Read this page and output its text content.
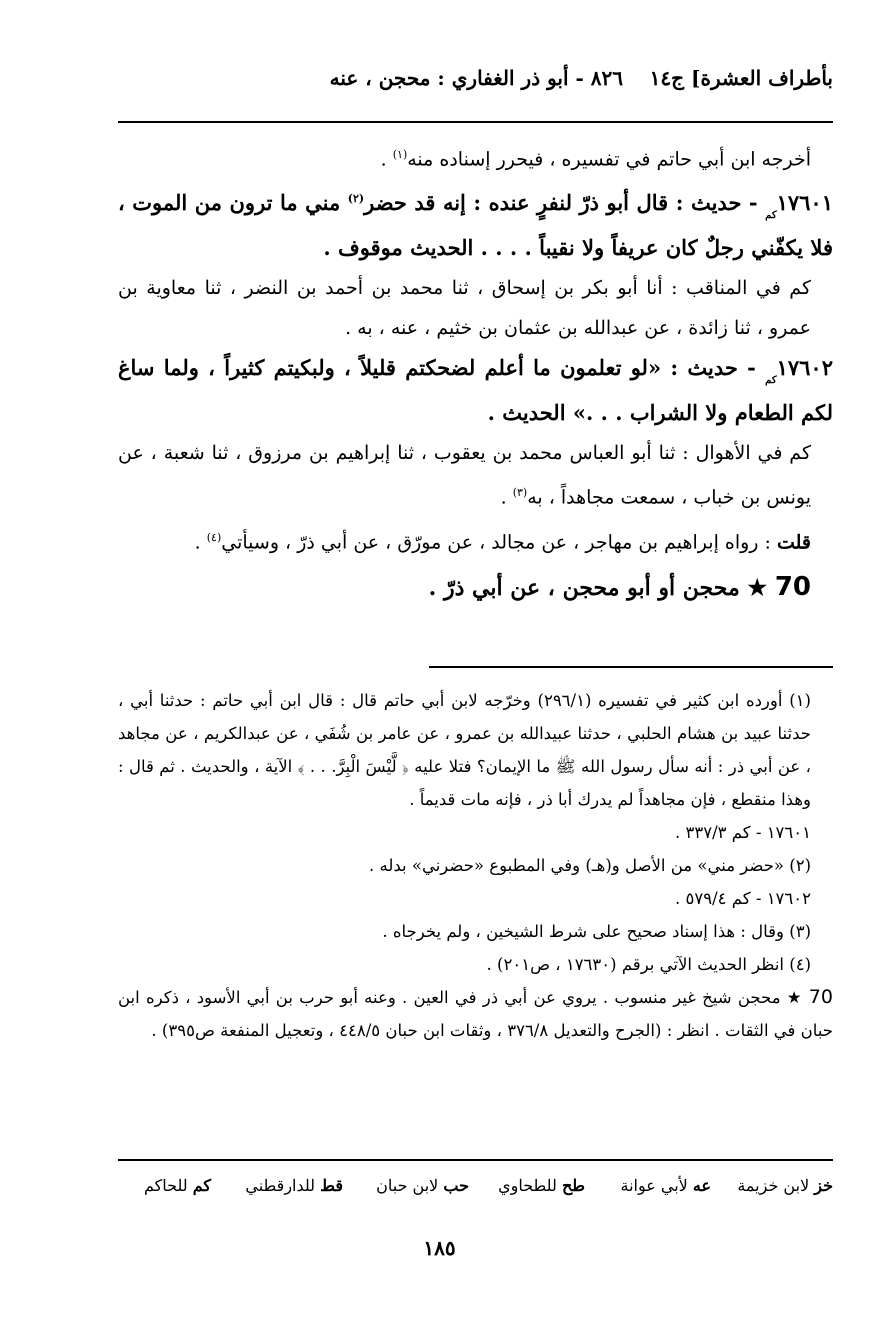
بأطراف العشرة] ج١٤
٨٢٦ - أبو ذر الغفاري : محجن ، عنه

أخرجه ابن أبي حاتم في تفسيره ، فيحرر إسناده منه$^{(١)}$ .

$١٧٦٠١_{كم}$ - حديث : قال أبو ذرّ لنفرٍ عنده : إنه قد حضر$^{(٢)}$ مني ما ترون من الموت ، فلا يكفّني رجلٌ كان عريفاً ولا نقيباً . . . . الحديث موقوف .

كم في المناقب : أنا أبو بكر بن إسحاق ، ثنا محمد بن أحمد بن النضر ، ثنا معاوية بن عمرو ، ثنا زائدة ، عن عبدالله بن عثمان بن خثيم ، عنه ، به .

$١٧٦٠٢_{كم}$ - حديث : «لو تعلمون ما أعلم لضحكتم قليلاً ، ولبكيتم كثيراً ، ولما ساغ لكم الطعام ولا الشراب . . .» الحديث .

كم في الأهوال : ثنا أبو العباس محمد بن يعقوب ، ثنا إبراهيم بن مرزوق ، ثنا شعبة ، عن يونس بن خباب ، سمعت مجاهداً ، به$^{(٣)}$ .

قلت : رواه إبراهيم بن مهاجر ، عن مجالد ، عن مورّق ، عن أبي ذرّ ، وسيأتي$^{(٤)}$ .

70 ★ محجن أو أبو محجن ، عن أبي ذرّ .

(١) أورده ابن كثير في تفسيره (٢٩٦/١) وخرّجه لابن أبي حاتم قال : قال ابن أبي حاتم : حدثنا أبي ، حدثنا عبيد بن هشام الحلبي ، حدثنا عبيدالله بن عمرو ، عن عامر بن شُفَي ، عن عبدالكريم ، عن مجاهد ، عن أبي ذر : أنه سأل رسول الله ﷺ ما الإيمان؟ فتلا عليه ﴿ لَّيْسَ الْبِرَّ. . . ﴾ الآية ، والحديث . ثم قال : وهذا منقطع ، فإن مجاهداً لم يدرك أبا ذر ، فإنه مات قديماً .

١٧٦٠١ - كم ٣٣٧/٣ .

(٢) «حضر مني» من الأصل و(هـ) وفي المطبوع «حضرني» بدله .

١٧٦٠٢ - كم ٥٧٩/٤ .

(٣) وقال : هذا إسناد صحيح على شرط الشيخين ، ولم يخرجاه .

(٤) انظر الحديث الآتي برقم (١٧٦٣٠ ، ص٢٠١) .

70 ★ محجن شيخ غير منسوب . يروي عن أبي ذر في العين . وعنه أبو حرب بن أبي الأسود ، ذكره ابن حبان في الثقات . انظر : (الجرح والتعديل ٣٧٦/٨ ، وثقات ابن حبان ٤٤٨/٥ ، وتعجيل المنفعة ص٣٩٥) .

خز لابن خزيمة
عه لأبي عوانة
طح للطحاوي
حب لابن حبان
قط للدارقطني
كم للحاكم
١٨٥
